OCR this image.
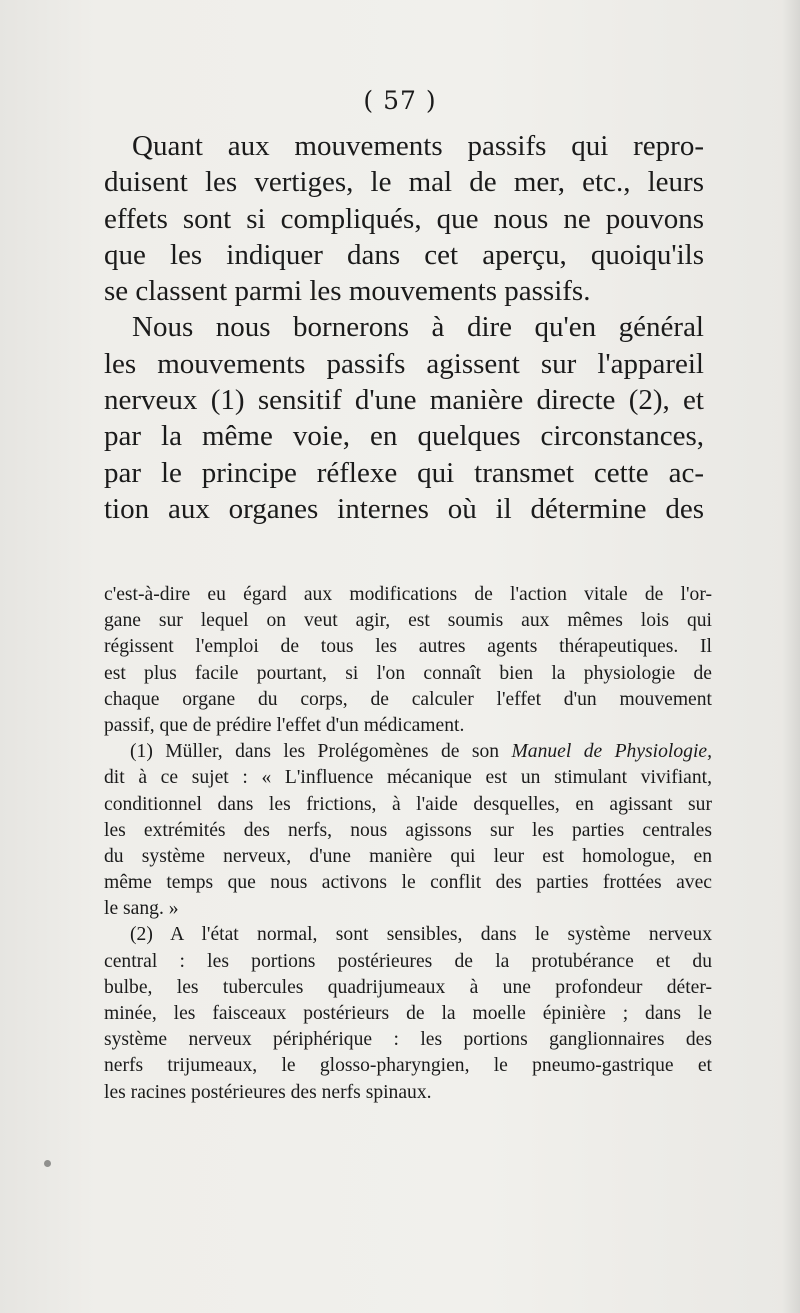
( 57 )
Quant aux mouvements passifs qui repro-
duisent les vertiges, le mal de mer, etc., leurs
effets sont si compliqués, que nous ne pouvons
que les indiquer dans cet aperçu, quoiqu'ils
se classent parmi les mouvements passifs.
Nous nous bornerons à dire qu'en général
les mouvements passifs agissent sur l'appareil
nerveux (1) sensitif d'une manière directe (2), et
par la même voie, en quelques circonstances,
par le principe réflexe qui transmet cette ac-
tion aux organes internes où il détermine des
c'est-à-dire eu égard aux modifications de l'action vitale de l'or-
gane sur lequel on veut agir, est soumis aux mêmes lois qui
régissent l'emploi de tous les autres agents thérapeutiques. Il
est plus facile pourtant, si l'on connaît bien la physiologie de
chaque organe du corps, de calculer l'effet d'un mouvement
passif, que de prédire l'effet d'un médicament.
(1) Müller, dans les Prolégomènes de son Manuel de Physiologie,
dit à ce sujet : « L'influence mécanique est un stimulant vivifiant,
conditionnel dans les frictions, à l'aide desquelles, en agissant sur
les extrémités des nerfs, nous agissons sur les parties centrales
du système nerveux, d'une manière qui leur est homologue, en
même temps que nous activons le conflit des parties frottées avec
le sang. »
(2) A l'état normal, sont sensibles, dans le système nerveux
central : les portions postérieures de la protubérance et du
bulbe, les tubercules quadrijumeaux à une profondeur déter-
minée, les faisceaux postérieurs de la moelle épinière ; dans le
système nerveux périphérique : les portions ganglionnaires des
nerfs trijumeaux, le glosso-pharyngien, le pneumo-gastrique et
les racines postérieures des nerfs spinaux.
